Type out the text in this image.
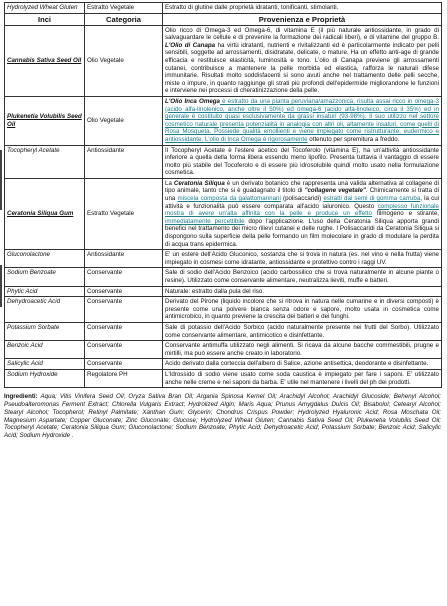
Hydrolyzed Wheat Gluten	Estratto Vegetale	Estratto di glutine dalle proprietà idratanti, tonificanti, stimolanti.
Inci	Categoria	Provenienza e Proprietà
Cannabis Sativa Seed Oil	Olio Vegetale	Olio ricco di Omega-3 ed Omega-6, di vitamina E (il più naturale antiossidante, in grado di salvaguardare le cellule e di prevenire la formazione dei radicali liberi), e di vitamine del gruppo B. L'Olio di Canapa ha virtù idratanti, nutrienti e rivitalizzanti ed è particolarmente indicato per pelli sensibili, soggette ad arrossamenti, disidratate, delicate, o mature. Ha un effetto anti-age di grande efficacia e restituisce elasticità, luminosità e tono. L'olio di Canapa previene gli arrossamenti cutanei, contribuisce a mantenere la pelle morbida ed elastica, rafforza le naturali difese immunitarie. Risultati molto soddisfacenti si sono avuti anche nel trattamento delle pelli secche, miste o impure, in quanto raggiunge gli strati più profondi dell'epidermide migliorandone le funzioni e interviene nei processi di cheratinizzazione della pelle.
Plukenetia Volubilis Seed Oil	Olio Vegetale	L'Olio Inca Omega è estratto da una pianta peruviana/amazzonica, risulta assai ricco in omega-3 (acido alfa-linolenico, anche oltre il 50%) ed omega-6 (acido alfa-linoleico, circa il 35%) ed in generale è costituito quasi esclusivamente da grassi insaturi (93-98%). Il suo utilizzo nel settore cosmetico naturale presenta potenzialità in analogia con altri oli, altamente insaturi, come quelli di Rosa Mosqueta. Possiede qualità emollienti e viene impiegato come ristrutturante, eudermico e antiossidante. L'olio di Inca Omega è rigorosamente ottenuto per spremitura a freddo.
Tocopheryl Acetate	Antiossidante	Il Tocopheryl Acetate è l'estere acetico del Tocoferolo (vitamina E), ha un'attività antiossidante inferiore a quella della forma libera essendo meno lipofilo. Presenta tuttavia il vantaggio di essere molto più stabile del Tocoferolo e di essere più idrosolubile quindi molto usato nella formulazione cosmetica.
Ceratonia Siliqua Gum	Estratto Vegetale	La Ceratonia Siliqua è un derivato botanico che rappresenta una valida alternativa al collagene di tipo animale, tanto che si è guadagnato il titolo di "collagene vegetale". Chimicamente si tratta di una miscela composta da galattomannani (polisaccaridi) estratti dai semi di gomma carruba, la cui attività e funzionalità può essere comparata all'acido ialuronico. Questo complesso funzionale mostra di avere un'alta affinità con la pelle e produce un effetto filmogeno e stirante, immediatamente percettibile dopo l'applicazione. L'uso della Ceratonia Siliqua apporta grandi benefici nel trattamento dei micro rilievi cutanei e delle rughe. I Polisaccaridi da Ceratonia Siliqua si dispongono sulla superficie della pelle formando un film molecolare in grado di modulare la perdita di acqua trans epidermica.
Gluconolactone	Antiossidante	E' un estere dell'Acido Gluconico, sostanza che si trova in natura (es. nel vino e nella frutta) viene impiegato in cosmesi come idratante, antiossidante e protettivo contro i raggi UV.
Sodium Benzoate	Conservante	Sale di sodio dell'Acido Benzoico (acido carbossilico che si trova naturalmente in alcune piante o resine). Utilizzato come conservante alimentare, neutralizza lieviti, muffe e batteri.
Phytic Acid	Conservante	Naturale: estratto dalla pula del riso.
Dehydroacetic Acid	Conservante	Derivato del Pirone (liquido incolore che si ritrova in natura nelle cumarine e in diversi composti) è presente come una polvere bianca senza odore e sapore, molto usata in cosmetica come antimicrobico, in quanto previene la crescita dei batteri e dei funghi.
Potassium Sorbate	Conservante	Sale di potassio dell'Acido Sorbico (acido naturalmente presente nei frutti del Sorbo). Utilizzato come conservante alimentare, antimicotico e disinfettante.
Benzoic Acid	Conservante	Conservante antimuffa utilizzato negli alimenti. Si ricava da alcune bacche commestibili, prugne e mirtilli, ma può essere anche creato in laboratorio.
Salicylic Acid	Conservante	Acido derivato dalla corteccia dell'albero di Salice, azione antisettica, deodorante e disinfettante.
Sodium Hydroxide	Regolatore PH	L'Idrossido di sodio viene usato come soda caustica è impiegato per fare i saponi. E' utilizzato anche nelle creme e nei saponi da barba. E' utile nel mantenere i livelli del ph dei prodotti.
Ingredienti: Aqua; Vitis Vinifera Seed Oil; Oryza Sativa Bran Oil; Argania Spinosa Kernel Oil; Arachidyl Alcohol; Arachidyl Glucoside; Behenyl Alcohol; Pseudoalteromonas Ferment Extract; Chlorella Vulgaris Extract; Hydrolized Algin; Maris Aqua; Prunus Amygdalus Dulcis Oil; Bisabolol; Cetearyl Alcohol; Stearyl Alcohol; Tocopherol; Retinyl Palmitate; Xanthan Gum; Glycerin; Chondrus Crispus Powder; Hydrolyzed Hyaluronic Acid; Rosa Moschata Oil; Magnesium Aspartate; Copper Gluconate; Zinc Gluconate; Glucose; Hydrolyzed Wheat Gluten; Cannabis Sativa Seed Oil; Plukenetia Volubilis Seed Oil; Tocopheryl Acetate; Ceratonia Siliqua Gum; Gluconolactone; Sodium Benzoate; Phytic Acid; Dehydroacetic Acid; Potassium Sorbate; Benzoic Acid; Salicylic Acid; Sodium Hydroxide .
